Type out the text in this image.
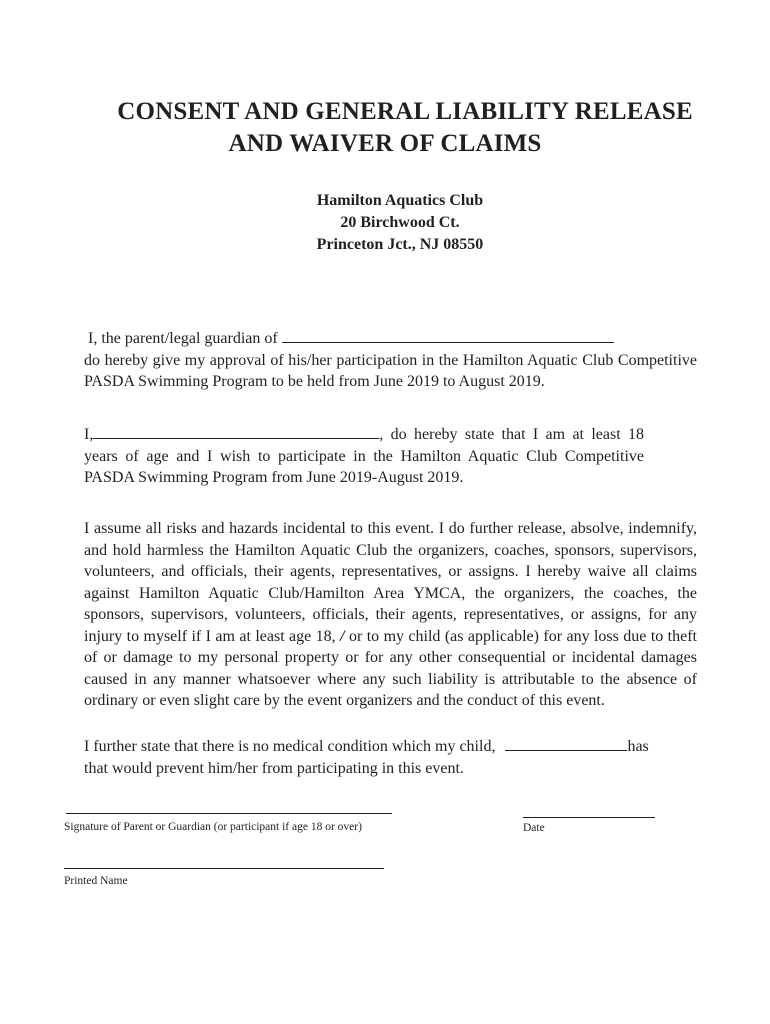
CONSENT AND GENERAL LIABILITY RELEASE
AND WAIVER OF CLAIMS
Hamilton Aquatics Club
20 Birchwood Ct.
Princeton Jct., NJ 08550
I, the parent/legal guardian of
do hereby give my approval of his/her participation in the Hamilton Aquatic Club Competitive PASDA Swimming Program to be held from June 2019 to August 2019.
I,	, do hereby state that I am at least 18 years of age and I wish to participate in the Hamilton Aquatic Club Competitive PASDA Swimming Program from June 2019-August 2019.
I assume all risks and hazards incidental to this event. I do further release, absolve, indemnify, and hold harmless the Hamilton Aquatic Club the organizers, coaches, sponsors, supervisors, volunteers, and officials, their agents, representatives, or assigns. I hereby waive all claims against Hamilton Aquatic Club/Hamilton Area YMCA, the organizers, the coaches, the sponsors, supervisors, volunteers, officials, their agents, representatives, or assigns, for any injury to myself if I am at least age 18, / or to my child (as applicable) for any loss due to theft of or damage to my personal property or for any other consequential or incidental damages caused in any manner whatsoever where any such liability is attributable to the absence of ordinary or even slight care by the event organizers and the conduct of this event.
I further state that there is no medical condition which my child,	has
that would prevent him/her from participating in this event.
Signature of Parent or Guardian (or participant if age 18 or over)	Date
Printed Name
